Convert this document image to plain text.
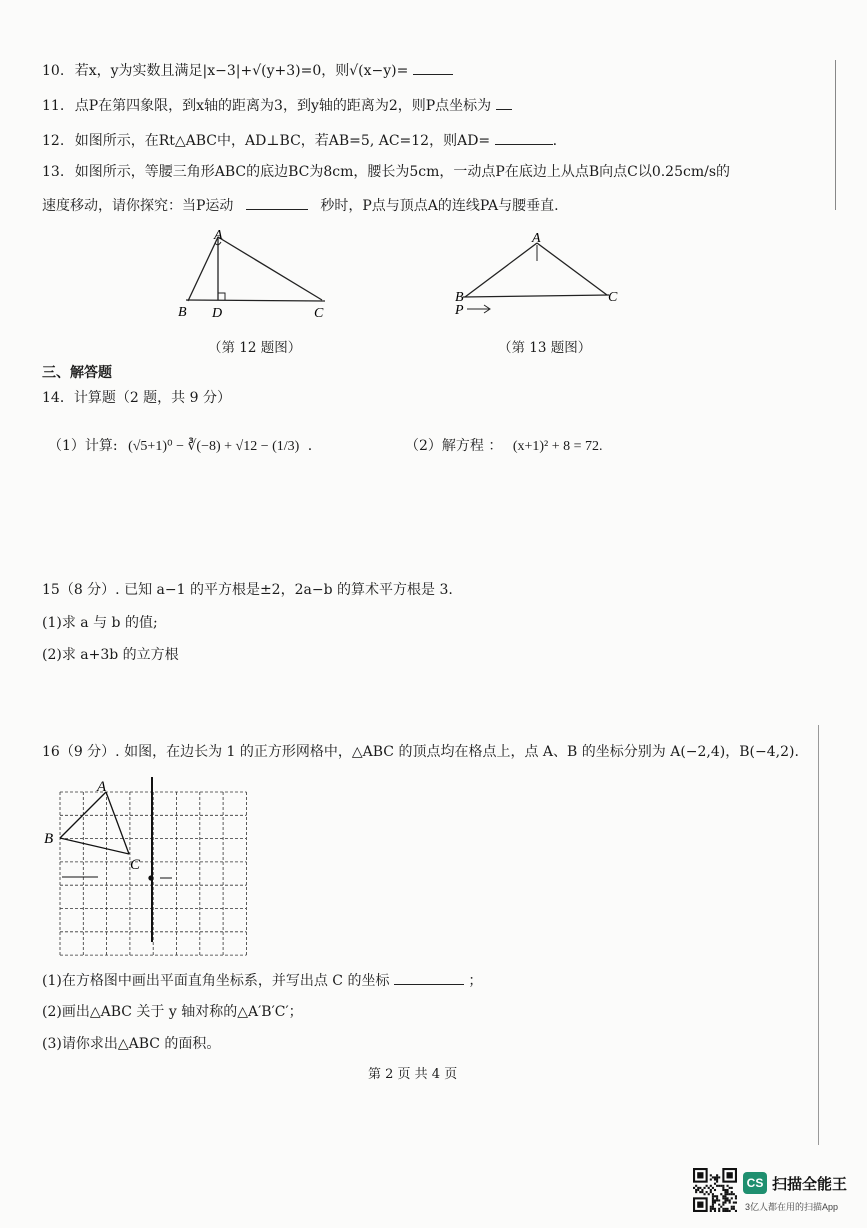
10. 若x，y为实数且满足|x−3|+√(y+3)=0，则√(x−y)=
11. 点P在第四象限，到x轴的距离为3，到y轴的距离为2，则P点坐标为
12. 如图所示，在Rt△ABC中，AD⊥BC，若AB=5, AC=12，则AD=	.
13. 如图所示，等腰三角形ABC的底边BC为8cm，腰长为5cm，一动点P在底边上从点B向点C以0.25cm/s的
速度移动，请你探究：当P运动	秒时，P点与顶点A的连线PA与腰垂直.
A
B D	C
（第 12 题图）
A
B
P
C
（第 13 题图）
三、解答题
14．计算题（2 题，共 9 分）
（1）计算: (√5+1)⁰ − ∛(−8) + √12 − (1/3) .	（2）解方程 ： (x+1)² + 8 = 72.
15（8 分）. 已知 a−1 的平方根是±2，2a−b 的算术平方根是 3.
(1)求 a 与 b 的值;
(2)求 a+3b 的立方根
16（9 分）. 如图，在边长为 1 的正方形网格中，△ABC 的顶点均在格点上，点 A、B 的坐标分别为 A(−2,4)，B(−4,2).
A
B
C
(1)在方格图中画出平面直角坐标系，并写出点 C 的坐标	；
(2)画出△ABC 关于 y 轴对称的△A′B′C′；
(3)请你求出△ABC 的面积。
第 2 页 共 4 页
CS 扫描全能王
3亿人都在用的扫描App
